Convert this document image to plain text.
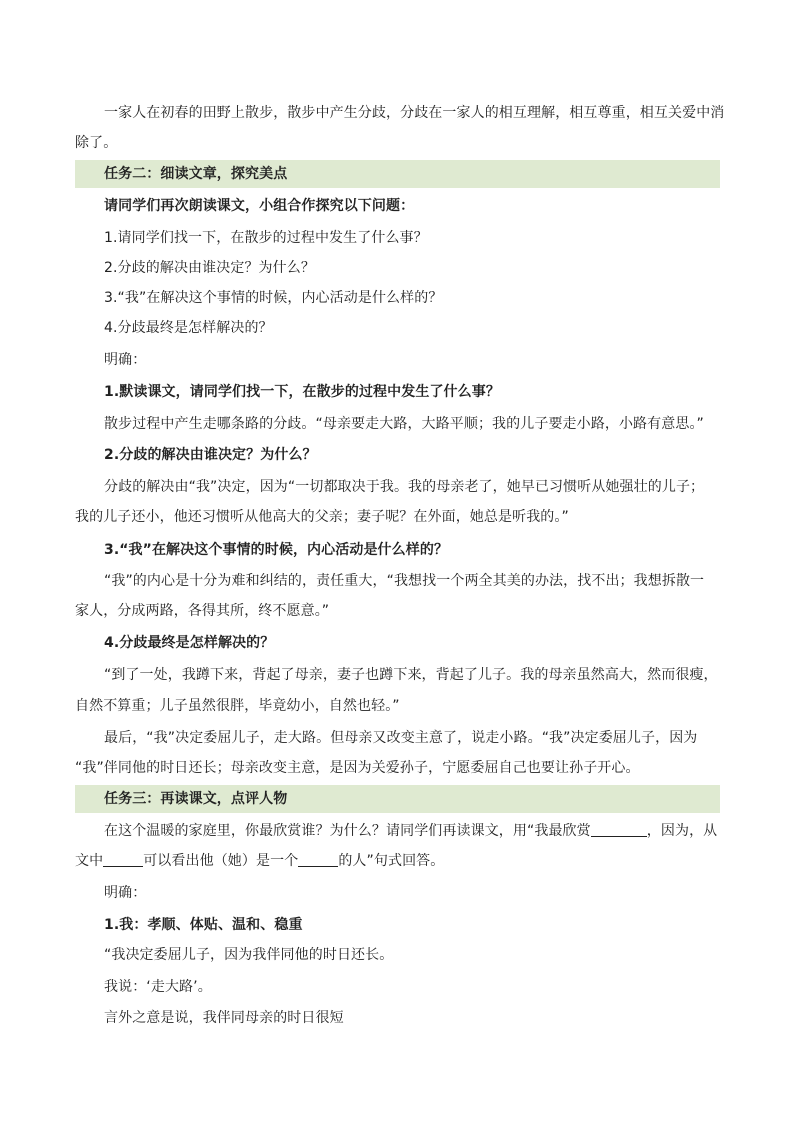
一家人在初春的田野上散步，散步中产生分歧，分歧在一家人的相互理解，相互尊重，相互关爱中消
除了。
任务二：细读文章，探究美点
请同学们再次朗读课文，小组合作探究以下问题：
1.请同学们找一下，在散步的过程中发生了什么事？
2.分歧的解决由谁决定？为什么？
3.“我”在解决这个事情的时候，内心活动是什么样的？
4.分歧最终是怎样解决的？
明确：
1.默读课文，请同学们找一下，在散步的过程中发生了什么事？
散步过程中产生走哪条路的分歧。“母亲要走大路，大路平顺；我的儿子要走小路，小路有意思。”
2.分歧的解决由谁决定？为什么？
分歧的解决由“我”决定，因为“一切都取决于我。我的母亲老了，她早已习惯听从她强壮的儿子；
我的儿子还小，他还习惯听从他高大的父亲；妻子呢？在外面，她总是听我的。”
3.“我”在解决这个事情的时候，内心活动是什么样的？
“我”的内心是十分为难和纠结的，责任重大，“我想找一个两全其美的办法，找不出；我想拆散一
家人，分成两路，各得其所，终不愿意。”
4.分歧最终是怎样解决的？
“到了一处，我蹲下来，背起了母亲，妻子也蹲下来，背起了儿子。我的母亲虽然高大，然而很瘦，
自然不算重；儿子虽然很胖，毕竟幼小，自然也轻。”
最后，“我”决定委屈儿子，走大路。但母亲又改变主意了，说走小路。“我”决定委屈儿子，因为
“我”伴同他的时日还长；母亲改变主意，是因为关爱孙子，宁愿委屈自己也要让孙子开心。
任务三：再读课文，点评人物
在这个温暖的家庭里，你最欣赏谁？为什么？请同学们再读课文，用“我最欣赏	，因为，从
文中	可以看出他（她）是一个	的人”句式回答。
明确：
1.我：孝顺、体贴、温和、稳重
“我决定委屈儿子，因为我伴同他的时日还长。
我说：‘走大路’。
言外之意是说，我伴同母亲的时日很短
